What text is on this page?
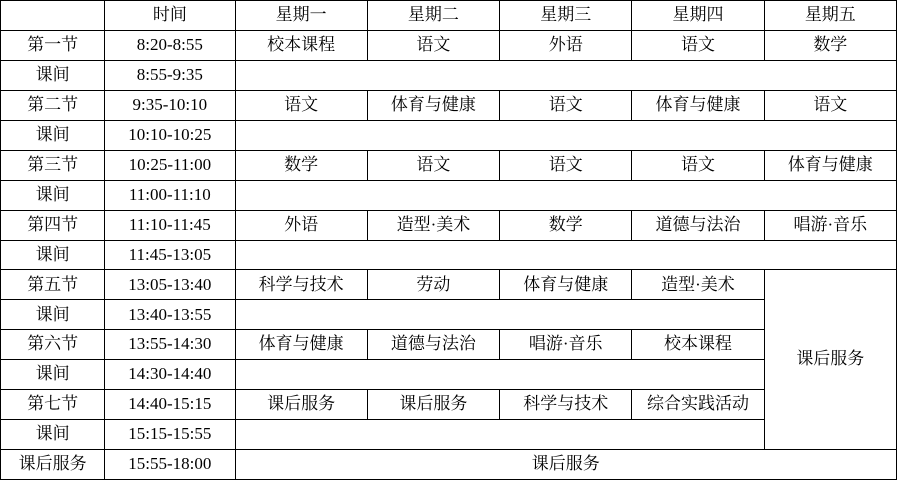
	时间	星期一	星期二	星期三	星期四	星期五
第一节	8:20-8:55	校本课程	语文	外语	语文	数学
课间	8:55-9:35					
第二节	9:35-10:10	语文	体育与健康	语文	体育与健康	语文
课间	10:10-10:25					
第三节	10:25-11:00	数学	语文	语文	语文	体育与健康
课间	11:00-11:10					
第四节	11:10-11:45	外语	造型·美术	数学	道德与法治	唱游·音乐
课间	11:45-13:05					
第五节	13:05-13:40	科学与技术	劳动	体育与健康	造型·美术	课后服务
课间	13:40-13:55					
第六节	13:55-14:30	体育与健康	道德与法治	唱游·音乐	校本课程	
课间	14:30-14:40					
第七节	14:40-15:15	课后服务	课后服务	科学与技术	综合实践活动	
课间	15:15-15:55					
课后服务	15:55-18:00	课后服务				
